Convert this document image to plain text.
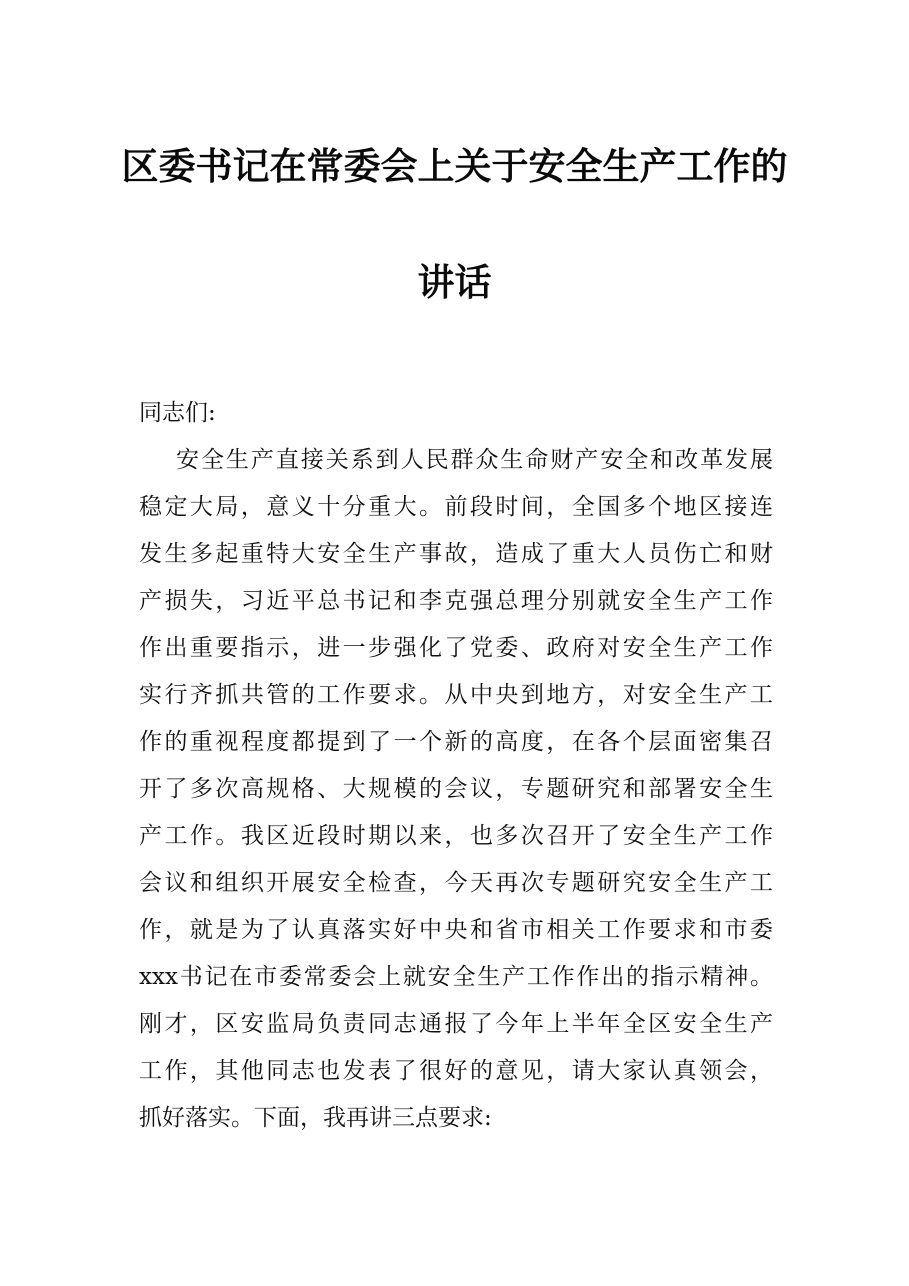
区委书记在常委会上关于安全生产工作的
讲话
同志们:
安全生产直接关系到人民群众生命财产安全和改革发展
稳定大局，意义十分重大。前段时间，全国多个地区接连
发生多起重特大安全生产事故，造成了重大人员伤亡和财
产损失，习近平总书记和李克强总理分别就安全生产工作
作出重要指示，进一步强化了党委、政府对安全生产工作
实行齐抓共管的工作要求。从中央到地方，对安全生产工
作的重视程度都提到了一个新的高度，在各个层面密集召
开了多次高规格、大规模的会议，专题研究和部署安全生
产工作。我区近段时期以来，也多次召开了安全生产工作
会议和组织开展安全检查，今天再次专题研究安全生产工
作，就是为了认真落实好中央和省市相关工作要求和市委
xxx书记在市委常委会上就安全生产工作作出的指示精神。
刚才，区安监局负责同志通报了今年上半年全区安全生产
工作，其他同志也发表了很好的意见，请大家认真领会，
抓好落实。下面，我再讲三点要求:
